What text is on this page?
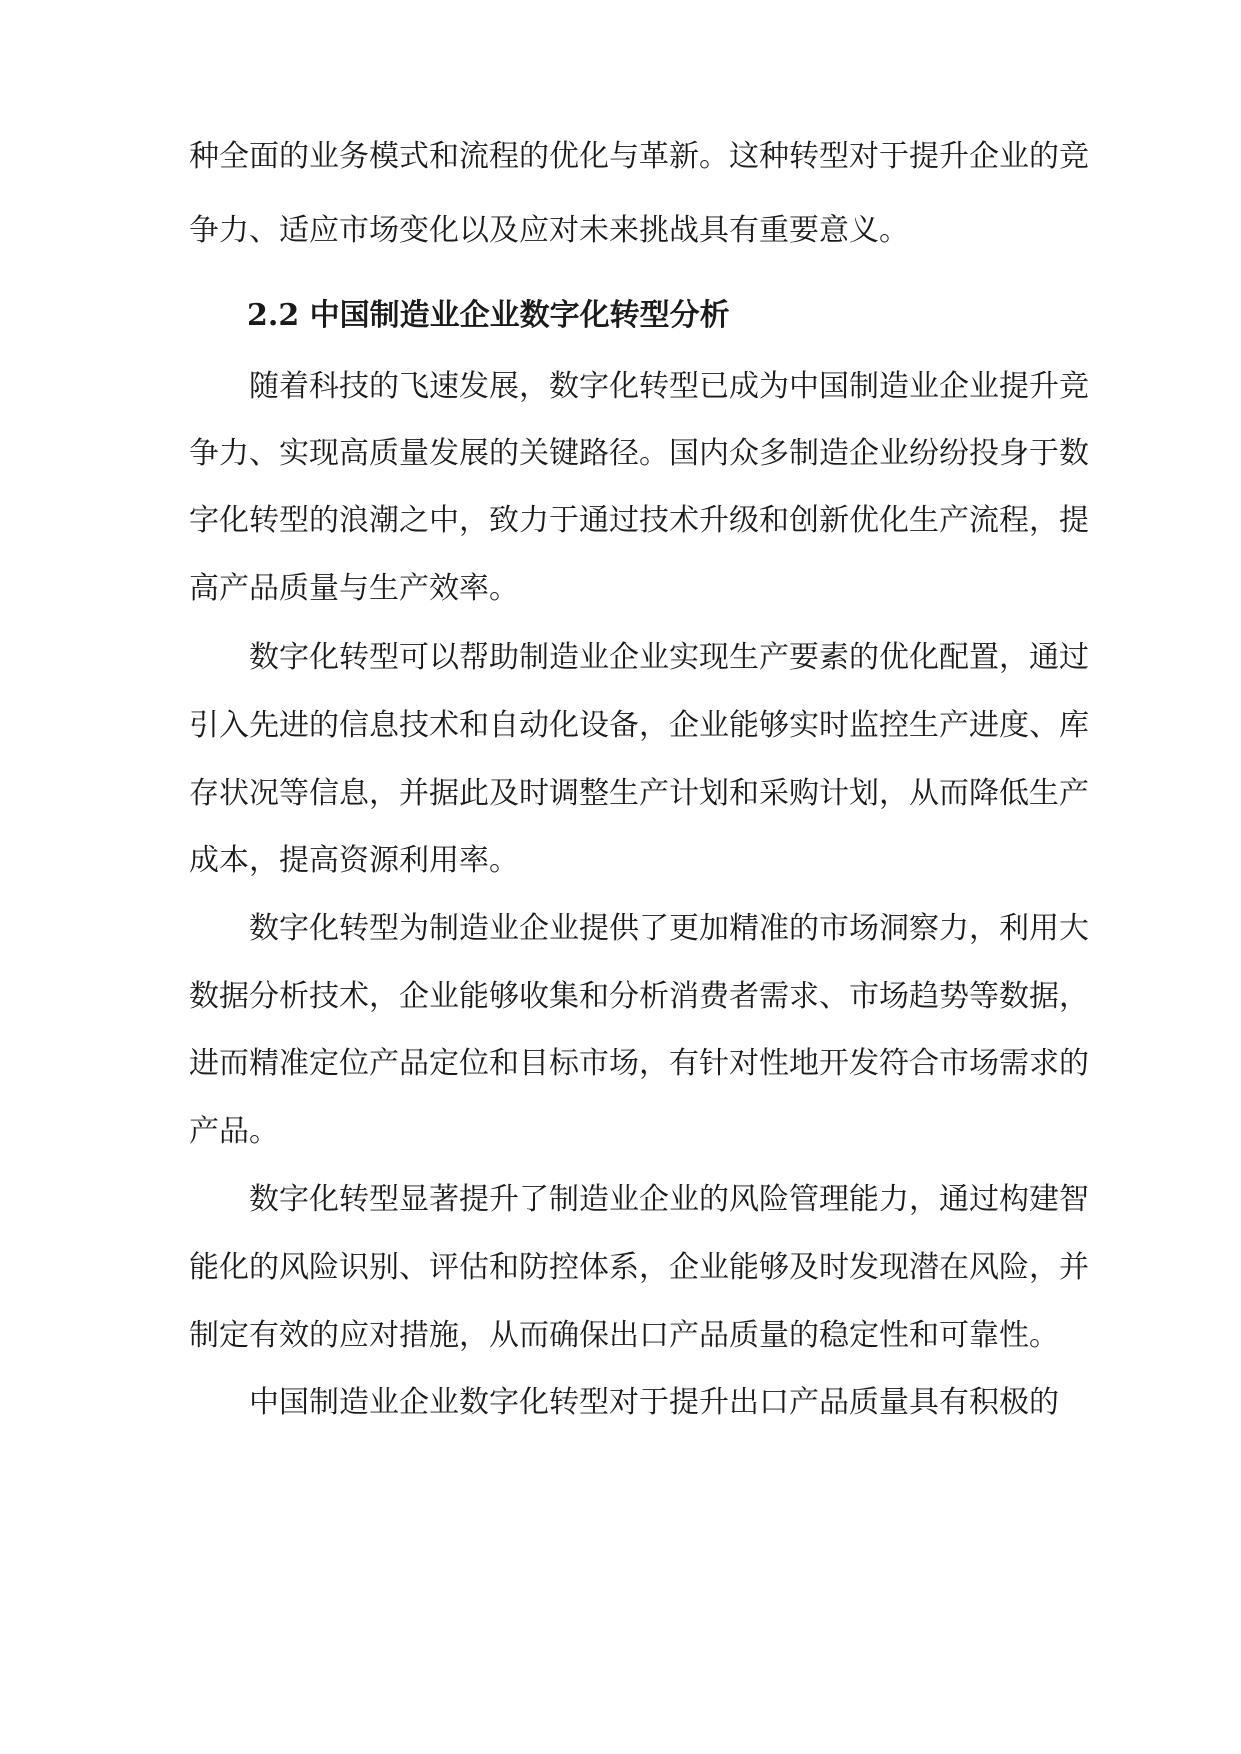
种全面的业务模式和流程的优化与革新。这种转型对于提升企业的竞
争力、适应市场变化以及应对未来挑战具有重要意义。
2.2 中国制造业企业数字化转型分析
随着科技的飞速发展，数字化转型已成为中国制造业企业提升竞
争力、实现高质量发展的关键路径。国内众多制造企业纷纷投身于数
字化转型的浪潮之中，致力于通过技术升级和创新优化生产流程，提
高产品质量与生产效率。
数字化转型可以帮助制造业企业实现生产要素的优化配置，通过
引入先进的信息技术和自动化设备，企业能够实时监控生产进度、库
存状况等信息，并据此及时调整生产计划和采购计划，从而降低生产
成本，提高资源利用率。
数字化转型为制造业企业提供了更加精准的市场洞察力，利用大
数据分析技术，企业能够收集和分析消费者需求、市场趋势等数据，
进而精准定位产品定位和目标市场，有针对性地开发符合市场需求的
产品。
数字化转型显著提升了制造业企业的风险管理能力，通过构建智
能化的风险识别、评估和防控体系，企业能够及时发现潜在风险，并
制定有效的应对措施，从而确保出口产品质量的稳定性和可靠性。
中国制造业企业数字化转型对于提升出口产品质量具有积极的
